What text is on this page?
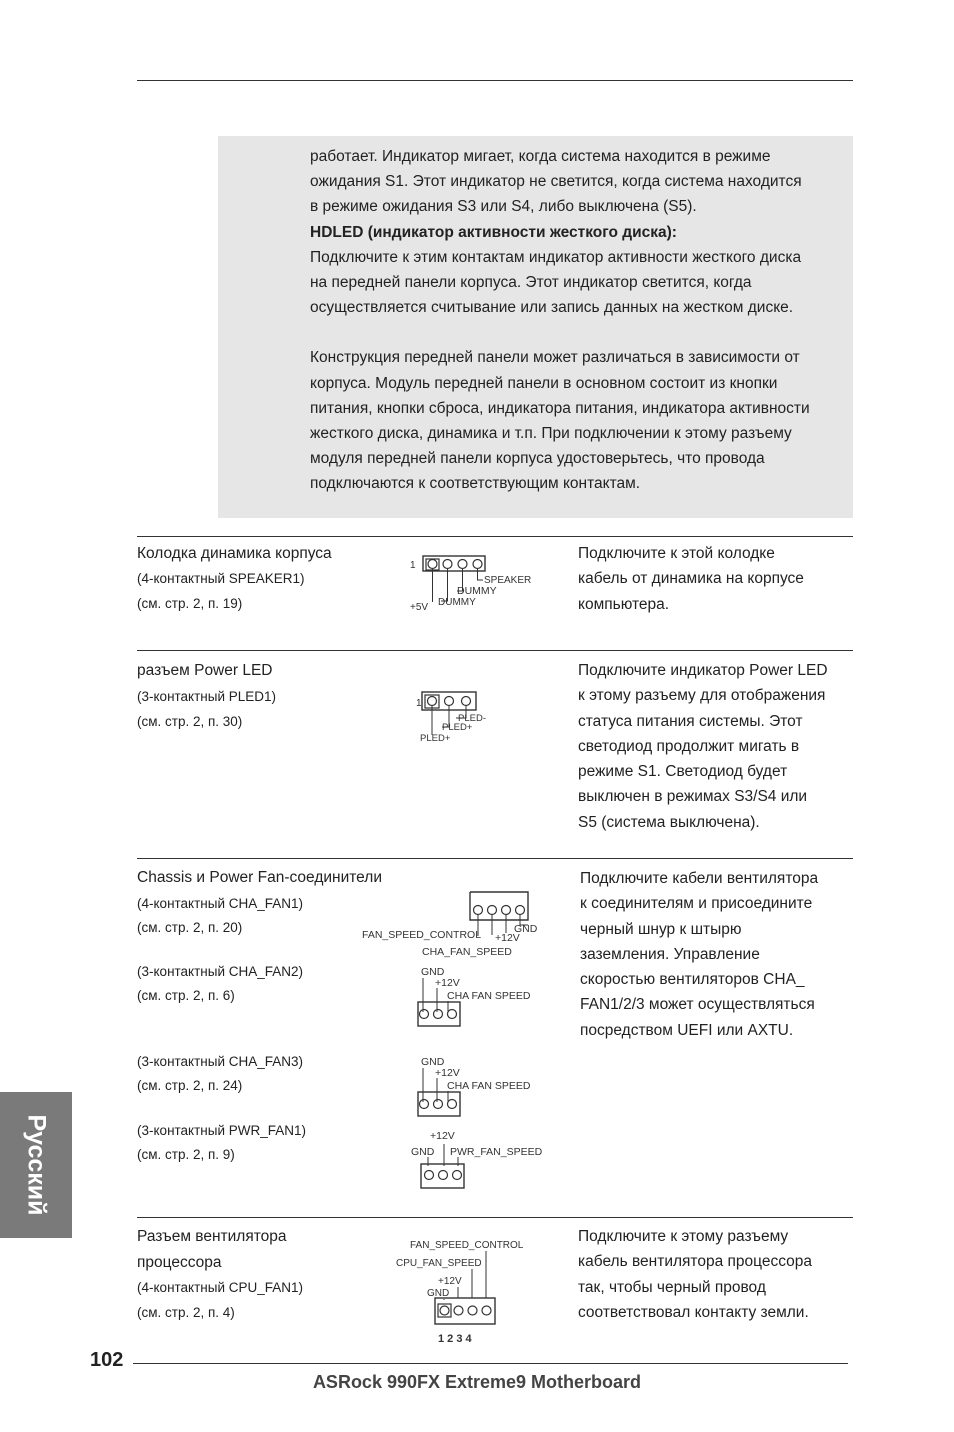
работает. Индикатор мигает, когда система находится в режиме

ожидания S1. Этот индикатор не светится, когда система находится

в режиме ожидания S3 или S4, либо выключена (S5).

HDLED (индикатор активности жесткого диска):

Подключите к этим контактам индикатор активности жесткого диска

на передней панели корпуса. Этот индикатор светится, когда

осуществляется считывание или запись данных на жестком диске.

Конструкция передней панели может различаться в зависимости от

корпуса. Модуль передней панели в основном состоит из кнопки

питания, кнопки сброса, индикатора питания, индикатора активности

жесткого диска, динамика и т.п. При подключении к этому разъему

модуля передней панели корпуса удостоверьтесь, что провода

подключаются к соответствующим контактам.

Колодка динамика корпуса
(4-контактный SPEAKER1)
(см. стр. 2, п. 19)
1
SPEAKER
DUMMY
+5V DUMMY

Подключите к этой колодке

кабель от динамика на корпусе

компьютера.

разъем Power LED
(3-контактный PLED1)
(см. стр. 2, п. 30)
1
PLED-
PLED+
PLED+

Подключите индикатор Power LED

к этому разъему для отображения

статуса питания системы. Этот

светодиод продолжит мигать в

режиме S1. Светодиод будет

выключен в режимах S3/S4 или

S5 (система выключена).

Chassis и Power Fan-соединители
(4-контактный CHA_FAN1)
(см. стр. 2, п. 20)
(3-контактный CHA_FAN2)
(см. стр. 2, п. 6)
(3-контактный CHA_FAN3)
(см. стр. 2, п. 24)
(3-контактный PWR_FAN1)
(см. стр. 2, п. 9)
FAN_SPEED_CONTROL	GND
+12V
CHA_FAN_SPEED
GND
+12V
CHA FAN SPEED
GND
+12V
CHA FAN SPEED
+12V
GND PWR_FAN_SPEED

Подключите кабели вентилятора

к соединителям и присоедините

черный шнур к штырю

заземления. Управление

скоростью вентиляторов CHA_

FAN1/2/3 может осуществляться

посредством UEFI или AXTU.

Разъем вентилятора
процессора
(4-контактный CPU_FAN1)
(см. стр. 2, п. 4)
FAN_SPEED_CONTROL
CPU_FAN_SPEED
+12V
GND
1 2 3 4

Подключите к этому разъему

кабель вентилятора процессора

так, чтобы черный провод

соответствовал контакту земли.

Русский
102
ASRock 990FX Extreme9 Motherboard
